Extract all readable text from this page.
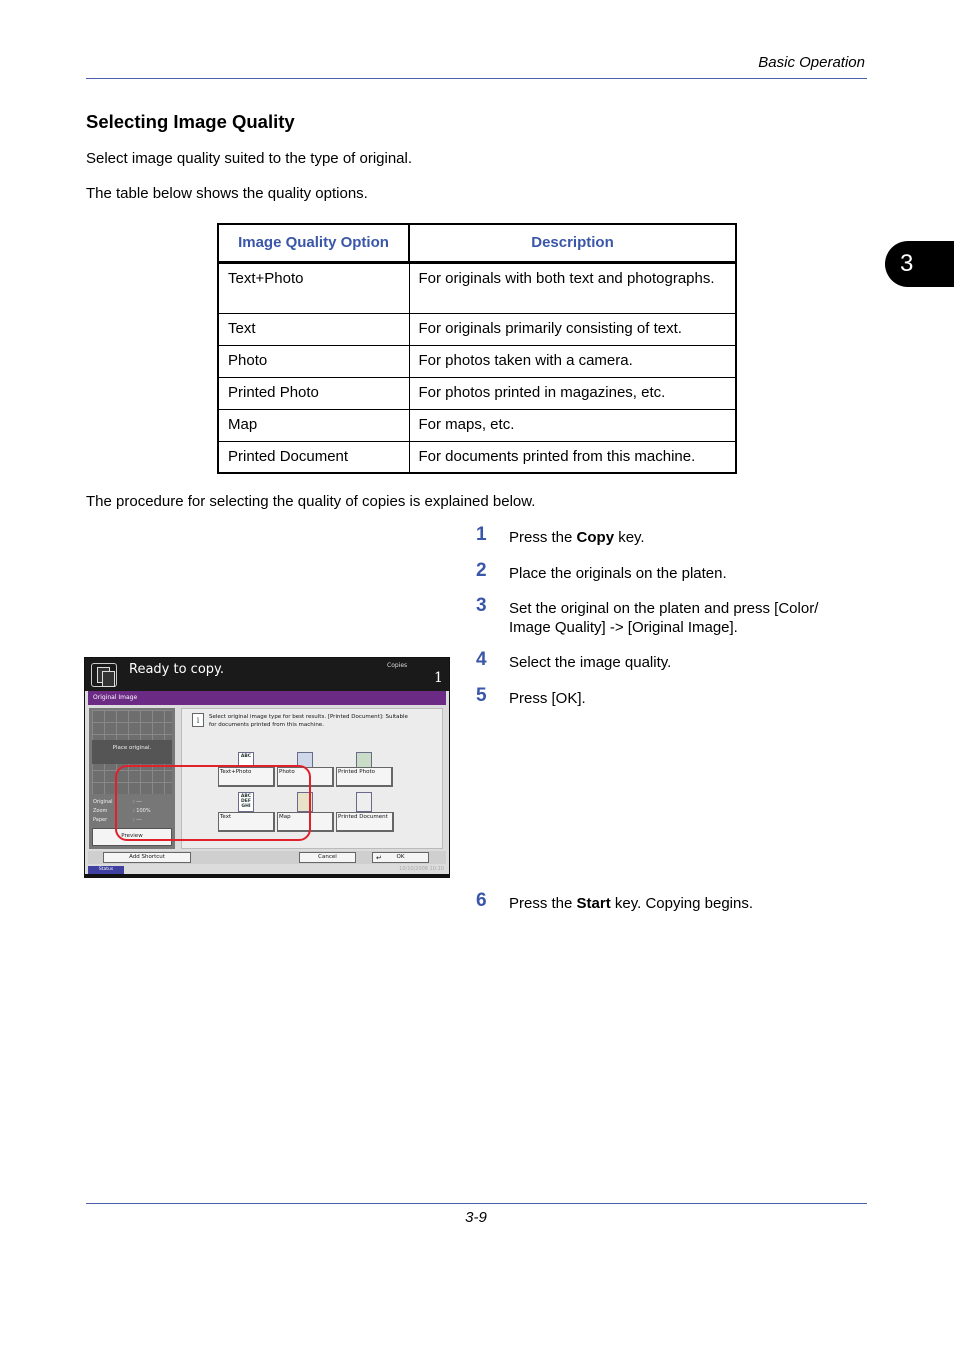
Basic Operation
3
Selecting Image Quality
Select image quality suited to the type of original.
The table below shows the quality options.
Image Quality Option	Description
Text+Photo	For originals with both text and photographs.
Text	For originals primarily consisting of text.
Photo	For photos taken with a camera.
Printed Photo	For photos printed in magazines, etc.
Map	For maps, etc.
Printed Document	For documents printed from this machine.
The procedure for selecting the quality of copies is explained below.
1 Press the Copy key.
2 Place the originals on the platen.
3 Set the original on the platen and press [Color/ Image Quality] -> [Original Image].
4 Select the image quality.
5 Press [OK].
6 Press the Start key. Copying begins.
Ready to copy.	Copies
1
Original Image
Place original.
Original	: ---
Zoom	: 100%
Paper	: ---
Preview
i	Select original image type for best results. [Printed Document]: Suitable for documents printed from this machine.
ABC
Text+Photo	Photo	Printed Photo
ABC DEF GHI
Text	Map	Printed Document
Add Shortcut	Cancel	↵	OK
Status	10/10/2008 10:10
3-9
